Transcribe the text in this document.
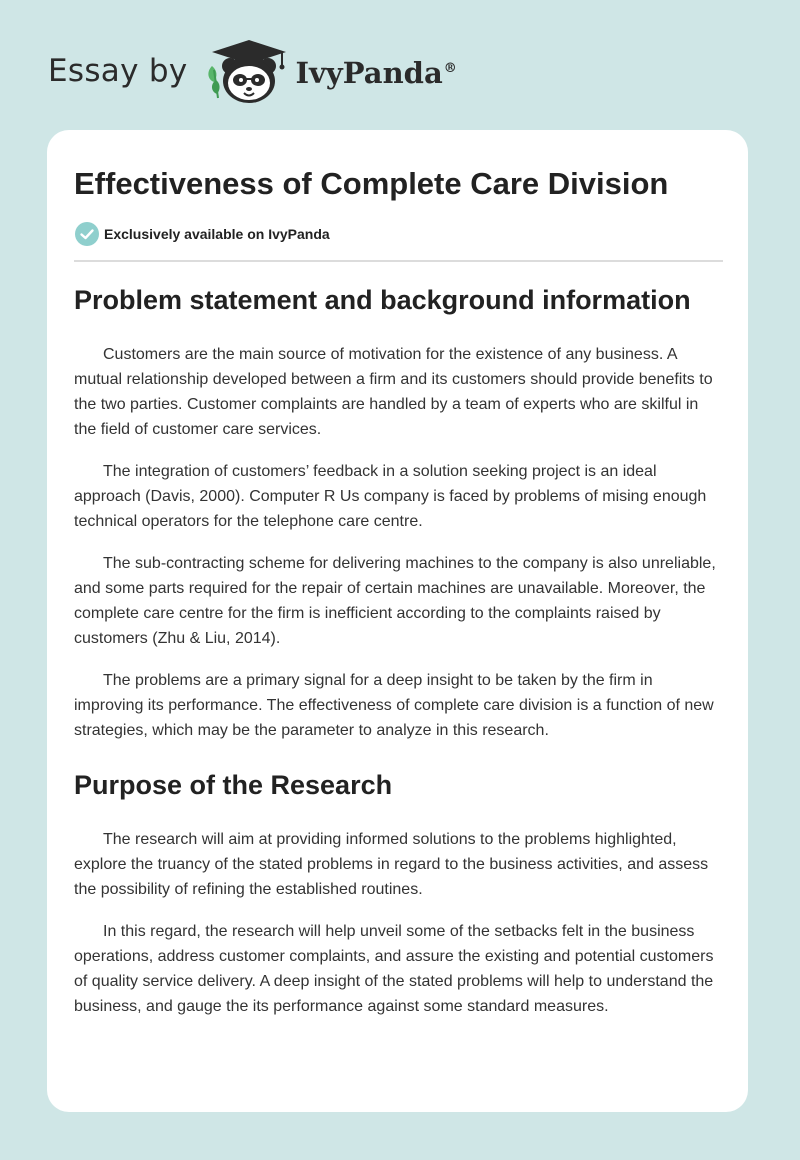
Essay by	IvyPanda®
Effectiveness of Complete Care Division
Exclusively available on IvyPanda
Problem statement and background information

Customers are the main source of motivation for the existence of any business. A mutual relationship developed between a firm and its customers should provide benefits to the two parties. Customer complaints are handled by a team of experts who are skilful in the field of customer care services.

The integration of customers’ feedback in a solution seeking project is an ideal approach (Davis, 2000). Computer R Us company is faced by problems of mising enough technical operators for the telephone care centre.

The sub-contracting scheme for delivering machines to the company is also unreliable, and some parts required for the repair of certain machines are unavailable. Moreover, the complete care centre for the firm is inefficient according to the complaints raised by customers (Zhu & Liu, 2014).

The problems are a primary signal for a deep insight to be taken by the firm in improving its performance. The effectiveness of complete care division is a function of new strategies, which may be the parameter to analyze in this research.

Purpose of the Research

The research will aim at providing informed solutions to the problems highlighted, explore the truancy of the stated problems in regard to the business activities, and assess the possibility of refining the established routines.

In this regard, the research will help unveil some of the setbacks felt in the business operations, address customer complaints, and assure the existing and potential customers of quality service delivery. A deep insight of the stated problems will help to understand the business, and gauge the its performance against some standard measures.
